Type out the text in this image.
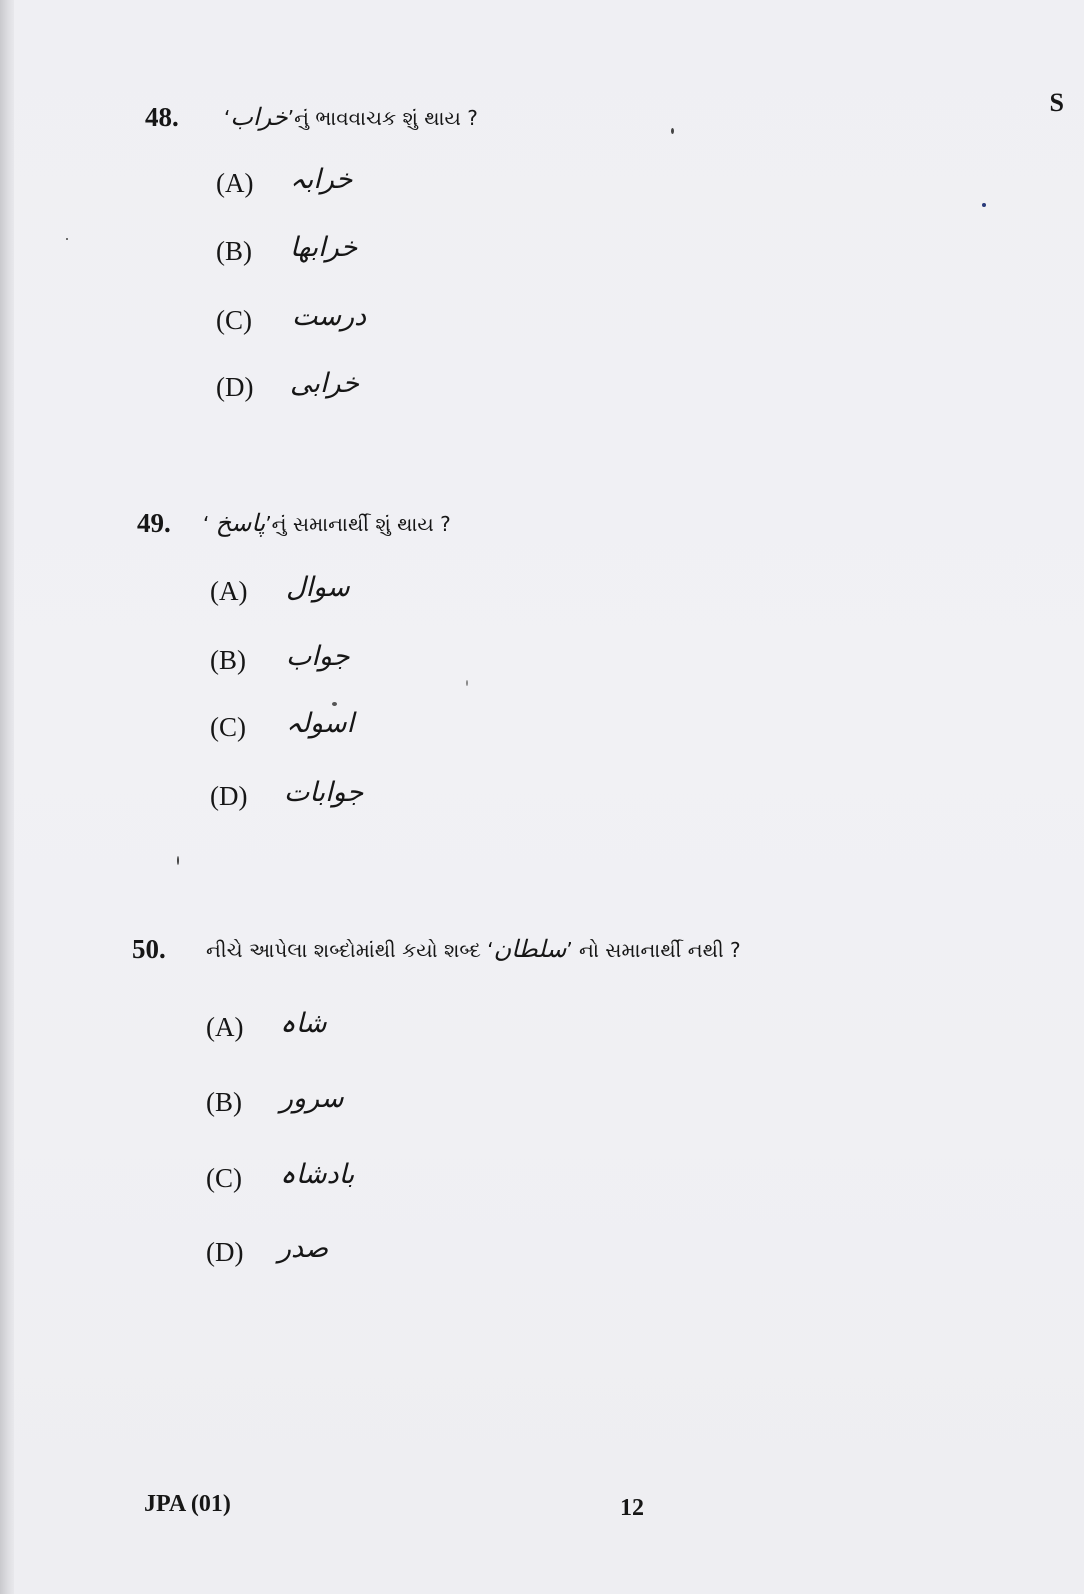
S
48. ‘خراب’નું ભાવવાચક શું થાય ?
(A) خرابہ
(B) خرابھا
(C) درست
(D) خرابی
49. ‘ پاسخ’નું સમાનાર્થી શું થાય ?
(A) سوال
(B) جواب
(C) اسولہ
(D) جوابات
50. નીચે આપેલા શબ્દોમાંથી કયો શબ્દ ‘سلطان’ નો સમાનાર્થી નથી ?
(A) شاہ
(B) سرور
(C) بادشاہ
(D) صدر
JPA (01)	12
